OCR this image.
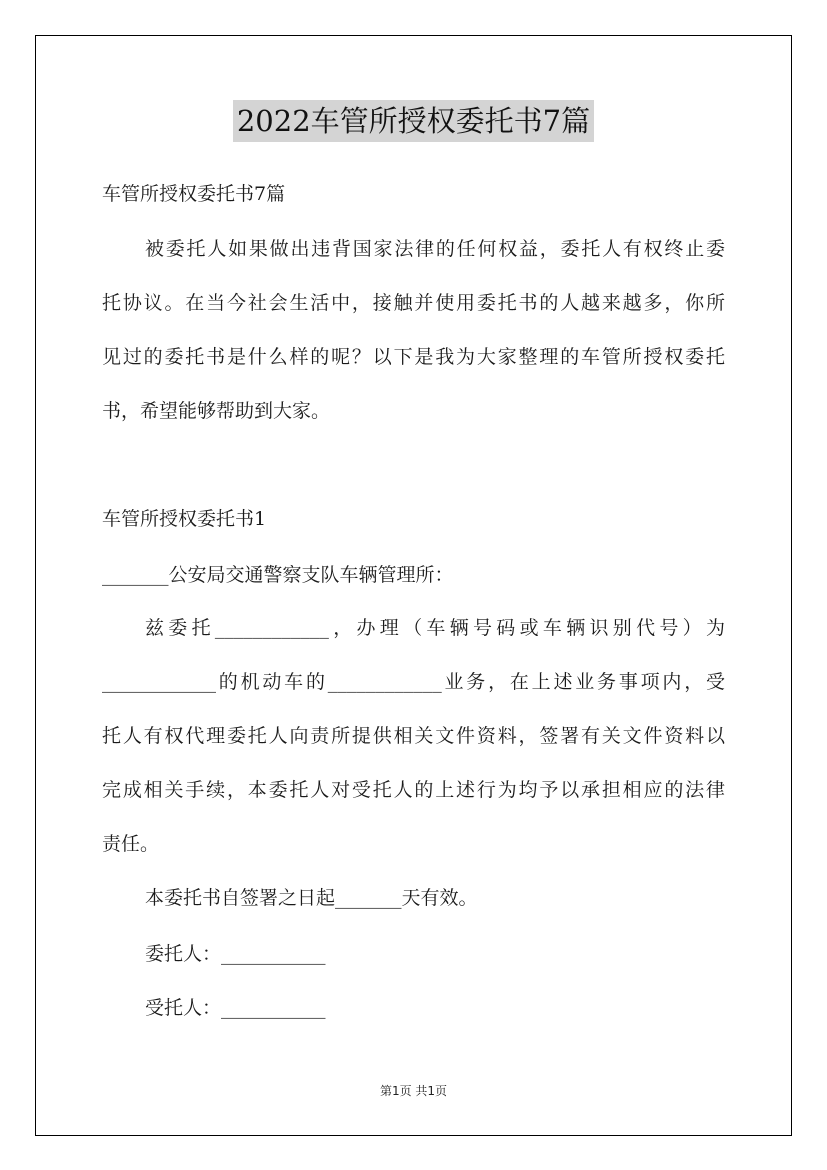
2022车管所授权委托书7篇
车管所授权委托书7篇
被委托人如果做出违背国家法律的任何权益，委托人有权终止委
托协议。在当今社会生活中，接触并使用委托书的人越来越多，你所
见过的委托书是什么样的呢？以下是我为大家整理的车管所授权委托
书，希望能够帮助到大家。
车管所授权委托书1
_______公安局交通警察支队车辆管理所：
兹委托____________，办理（车辆号码或车辆识别代号）为
____________的机动车的____________业务，在上述业务事项内，受
托人有权代理委托人向责所提供相关文件资料，签署有关文件资料以
完成相关手续，本委托人对受托人的上述行为均予以承担相应的法律
责任。
本委托书自签署之日起_______天有效。
委托人：___________
受托人：___________
第1页 共1页
